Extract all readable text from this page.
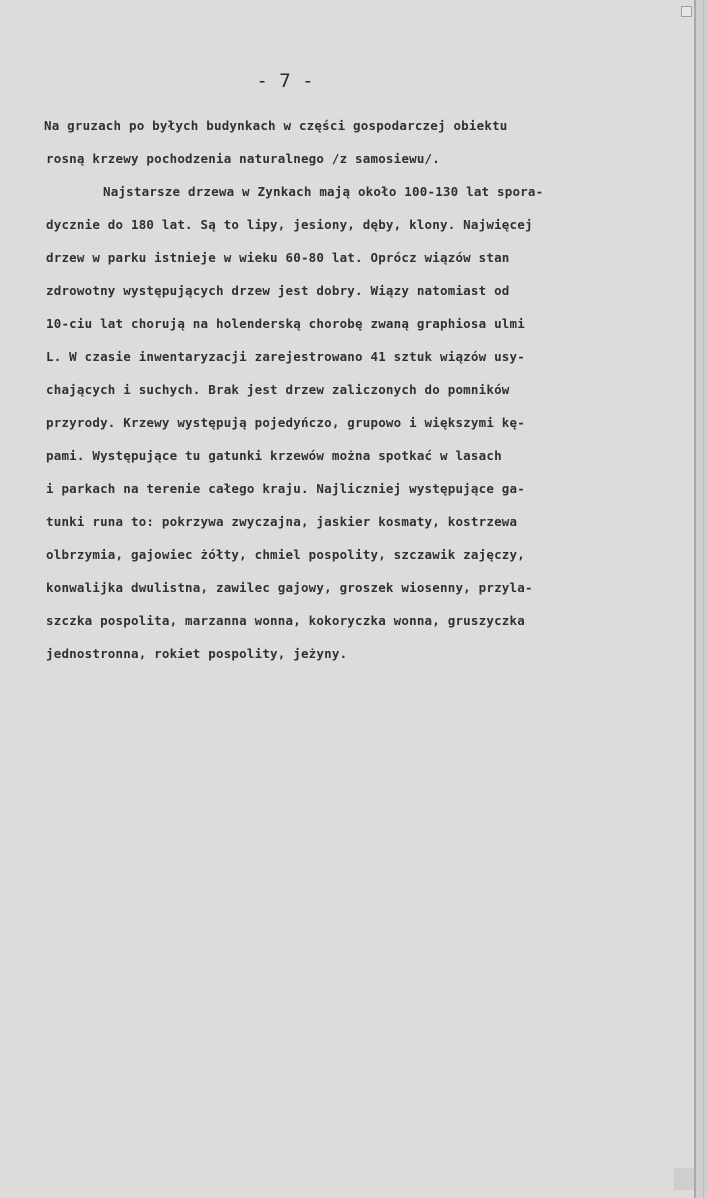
- 7 -
Na gruzach po byłych budynkach w części gospodarczej obiektu
rosną krzewy pochodzenia naturalnego /z samosiewu/.
Najstarsze drzewa w Zynkach mają około 100-130 lat spora-
dycznie do 180 lat. Są to lipy, jesiony, dęby, klony. Najwięcej
drzew w parku istnieje w wieku 60-80 lat. Oprócz wiązów stan
zdrowotny występujących drzew jest dobry. Wiązy natomiast od
10-ciu lat chorują na holenderską chorobę zwaną graphiosa ulmi
L. W czasie inwentaryzacji zarejestrowano 41 sztuk wiązów usy-
chających i suchych. Brak jest drzew zaliczonych do pomników
przyrody. Krzewy występują pojedyńczo, grupowo i większymi kę-
pami. Występujące tu gatunki krzewów można spotkać w lasach
i parkach na terenie całego kraju. Najliczniej występujące ga-
tunki runa to: pokrzywa zwyczajna, jaskier kosmaty, kostrzewa
olbrzymia, gajowiec żółty, chmiel pospolity, szczawik zajęczy,
konwalijka dwulistna, zawilec gajowy, groszek wiosenny, przyla-
szczka pospolita, marzanna wonna, kokoryczka wonna, gruszyczka
jednostronna, rokiet pospolity, jeżyny.
